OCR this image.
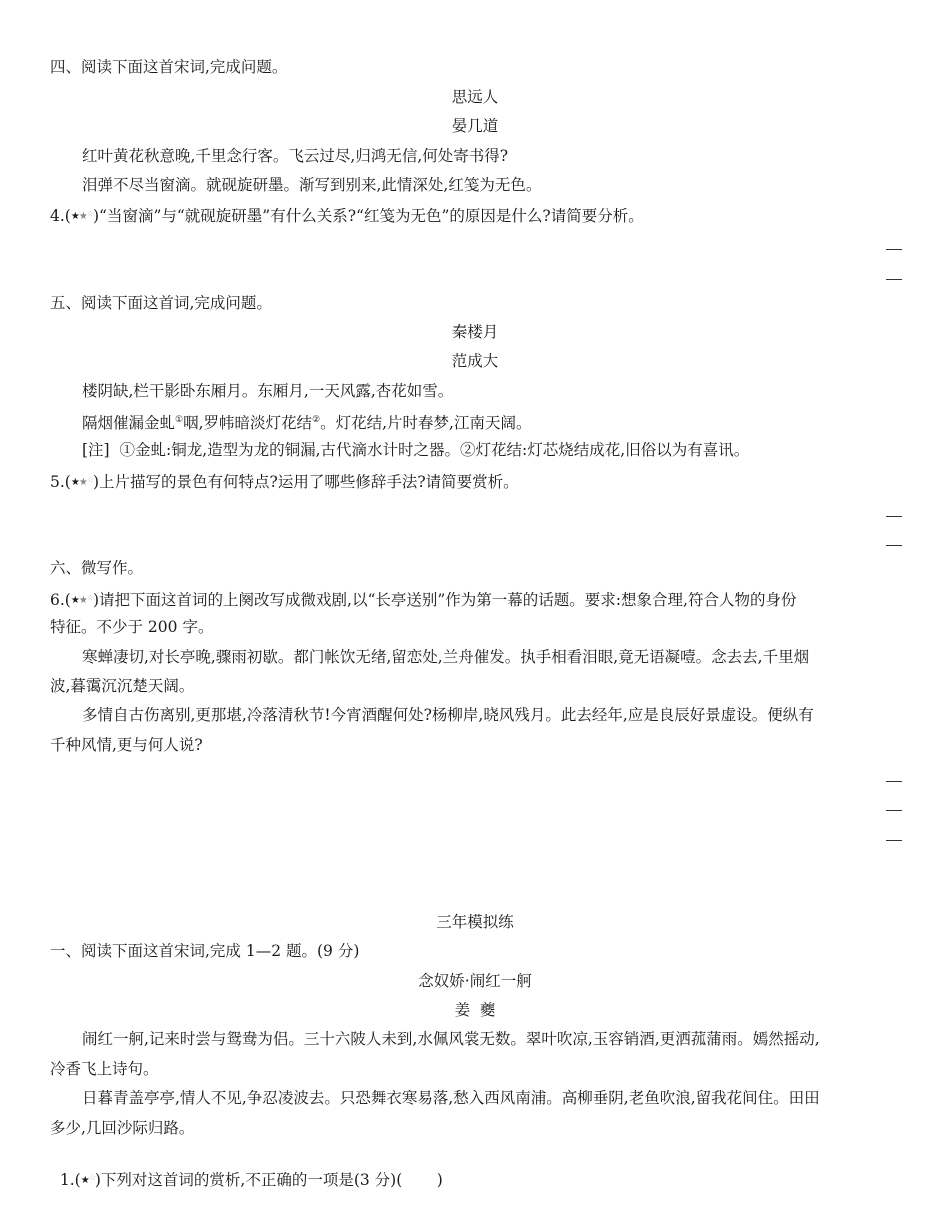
四、阅读下面这首宋词,完成问题。
思远人
晏几道
红叶黄花秋意晚,千里念行客。飞云过尽,归鸿无信,何处寄书得?
泪弹不尽当窗滴。就砚旋研墨。渐写到别来,此情深处,红笺为无色。
4.(★★☆)“当窗滴”与“就砚旋研墨”有什么关系?“红笺为无色”的原因是什么?请简要分析。
五、阅读下面这首词,完成问题。
秦楼月
范成大
楼阴缺,栏干影卧东厢月。东厢月,一天风露,杏花如雪。
隔烟催漏金虬①咽,罗帏暗淡灯花结②。灯花结,片时春梦,江南天阔。
[注] ①金虬:铜龙,造型为龙的铜漏,古代滴水计时之器。②灯花结:灯芯烧结成花,旧俗以为有喜讯。
5.(★★☆)上片描写的景色有何特点?运用了哪些修辞手法?请简要赏析。
六、微写作。
6.(★★☆)请把下面这首词的上阕改写成微戏剧,以“长亭送别”作为第一幕的话题。要求:想象合理,符合人物的身份
特征。不少于 200 字。
寒蝉凄切,对长亭晚,骤雨初歇。都门帐饮无绪,留恋处,兰舟催发。执手相看泪眼,竟无语凝噎。念去去,千里烟
波,暮霭沉沉楚天阔。
多情自古伤离别,更那堪,冷落清秋节!今宵酒醒何处?杨柳岸,晓风残月。此去经年,应是良辰好景虚设。便纵有
千种风情,更与何人说?
三年模拟练
一、阅读下面这首宋词,完成 1—2 题。(9 分)
念奴娇·闹红一舸
姜  夔
闹红一舸,记来时尝与鸳鸯为侣。三十六陂人未到,水佩风裳无数。翠叶吹凉,玉容销酒,更洒菰蒲雨。嫣然摇动,
冷香飞上诗句。
日暮青盖亭亭,情人不见,争忍凌波去。只恐舞衣寒易落,愁入西风南浦。高柳垂阴,老鱼吹浪,留我花间住。田田
多少,几回沙际归路。

1.(★☆)下列对这首词的赏析,不正确的一项是(3 分)(       )
